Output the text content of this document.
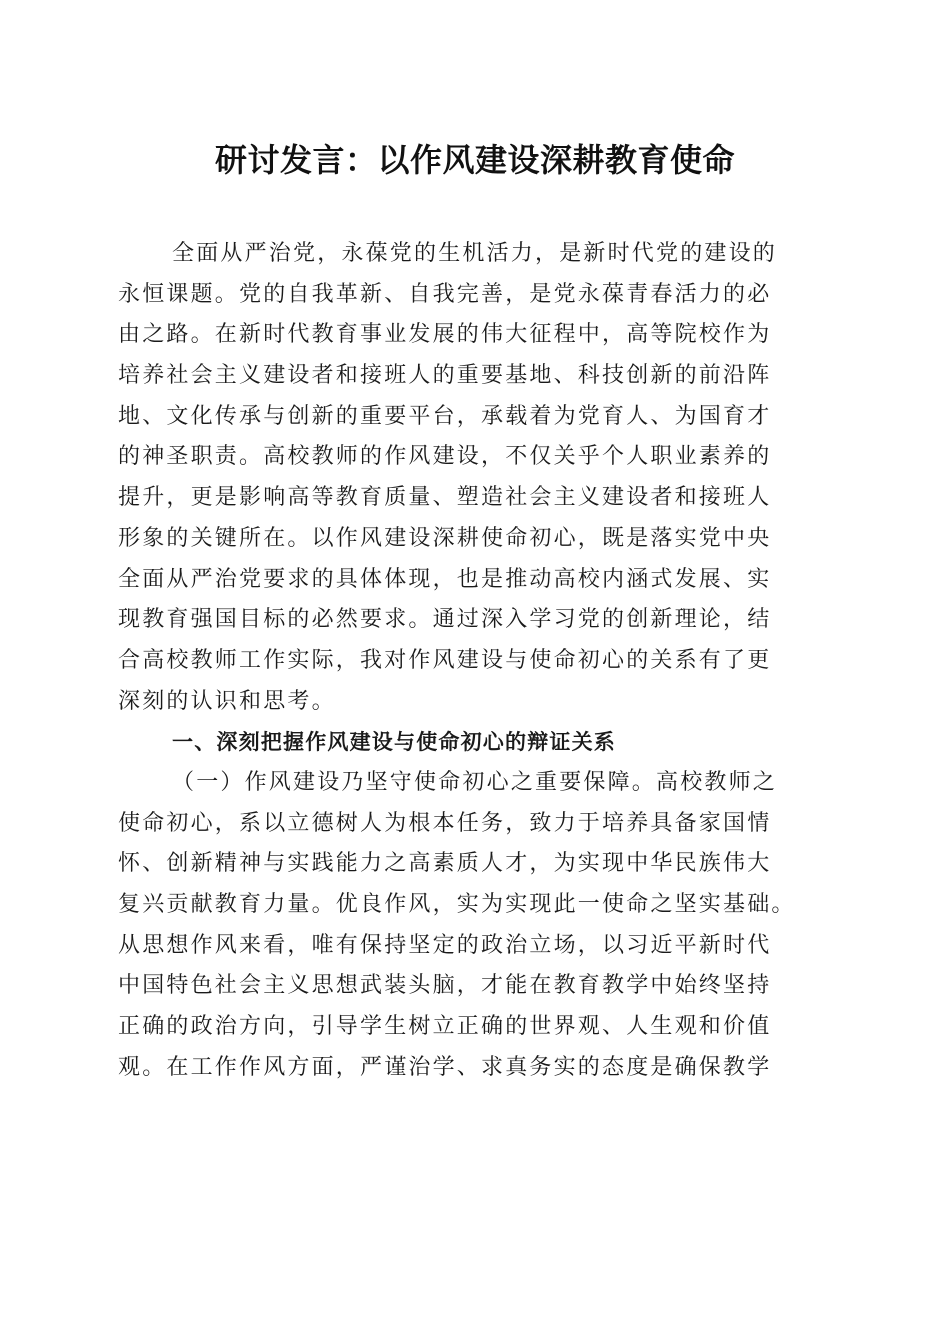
研讨发言：以作风建设深耕教育使命
全面从严治党，永葆党的生机活力，是新时代党的建设的
永恒课题。党的自我革新、自我完善，是党永葆青春活力的必
由之路。在新时代教育事业发展的伟大征程中，高等院校作为
培养社会主义建设者和接班人的重要基地、科技创新的前沿阵
地、文化传承与创新的重要平台，承载着为党育人、为国育才
的神圣职责。高校教师的作风建设，不仅关乎个人职业素养的
提升，更是影响高等教育质量、塑造社会主义建设者和接班人
形象的关键所在。以作风建设深耕使命初心，既是落实党中央
全面从严治党要求的具体体现，也是推动高校内涵式发展、实
现教育强国目标的必然要求。通过深入学习党的创新理论，结
合高校教师工作实际，我对作风建设与使命初心的关系有了更
深刻的认识和思考。
一、深刻把握作风建设与使命初心的辩证关系
（一）作风建设乃坚守使命初心之重要保障。高校教师之
使命初心，系以立德树人为根本任务，致力于培养具备家国情
怀、创新精神与实践能力之高素质人才，为实现中华民族伟大
复兴贡献教育力量。优良作风，实为实现此一使命之坚实基础。
从思想作风来看，唯有保持坚定的政治立场，以习近平新时代
中国特色社会主义思想武装头脑，才能在教育教学中始终坚持
正确的政治方向，引导学生树立正确的世界观、人生观和价值
观。在工作作风方面，严谨治学、求真务实的态度是确保教学
